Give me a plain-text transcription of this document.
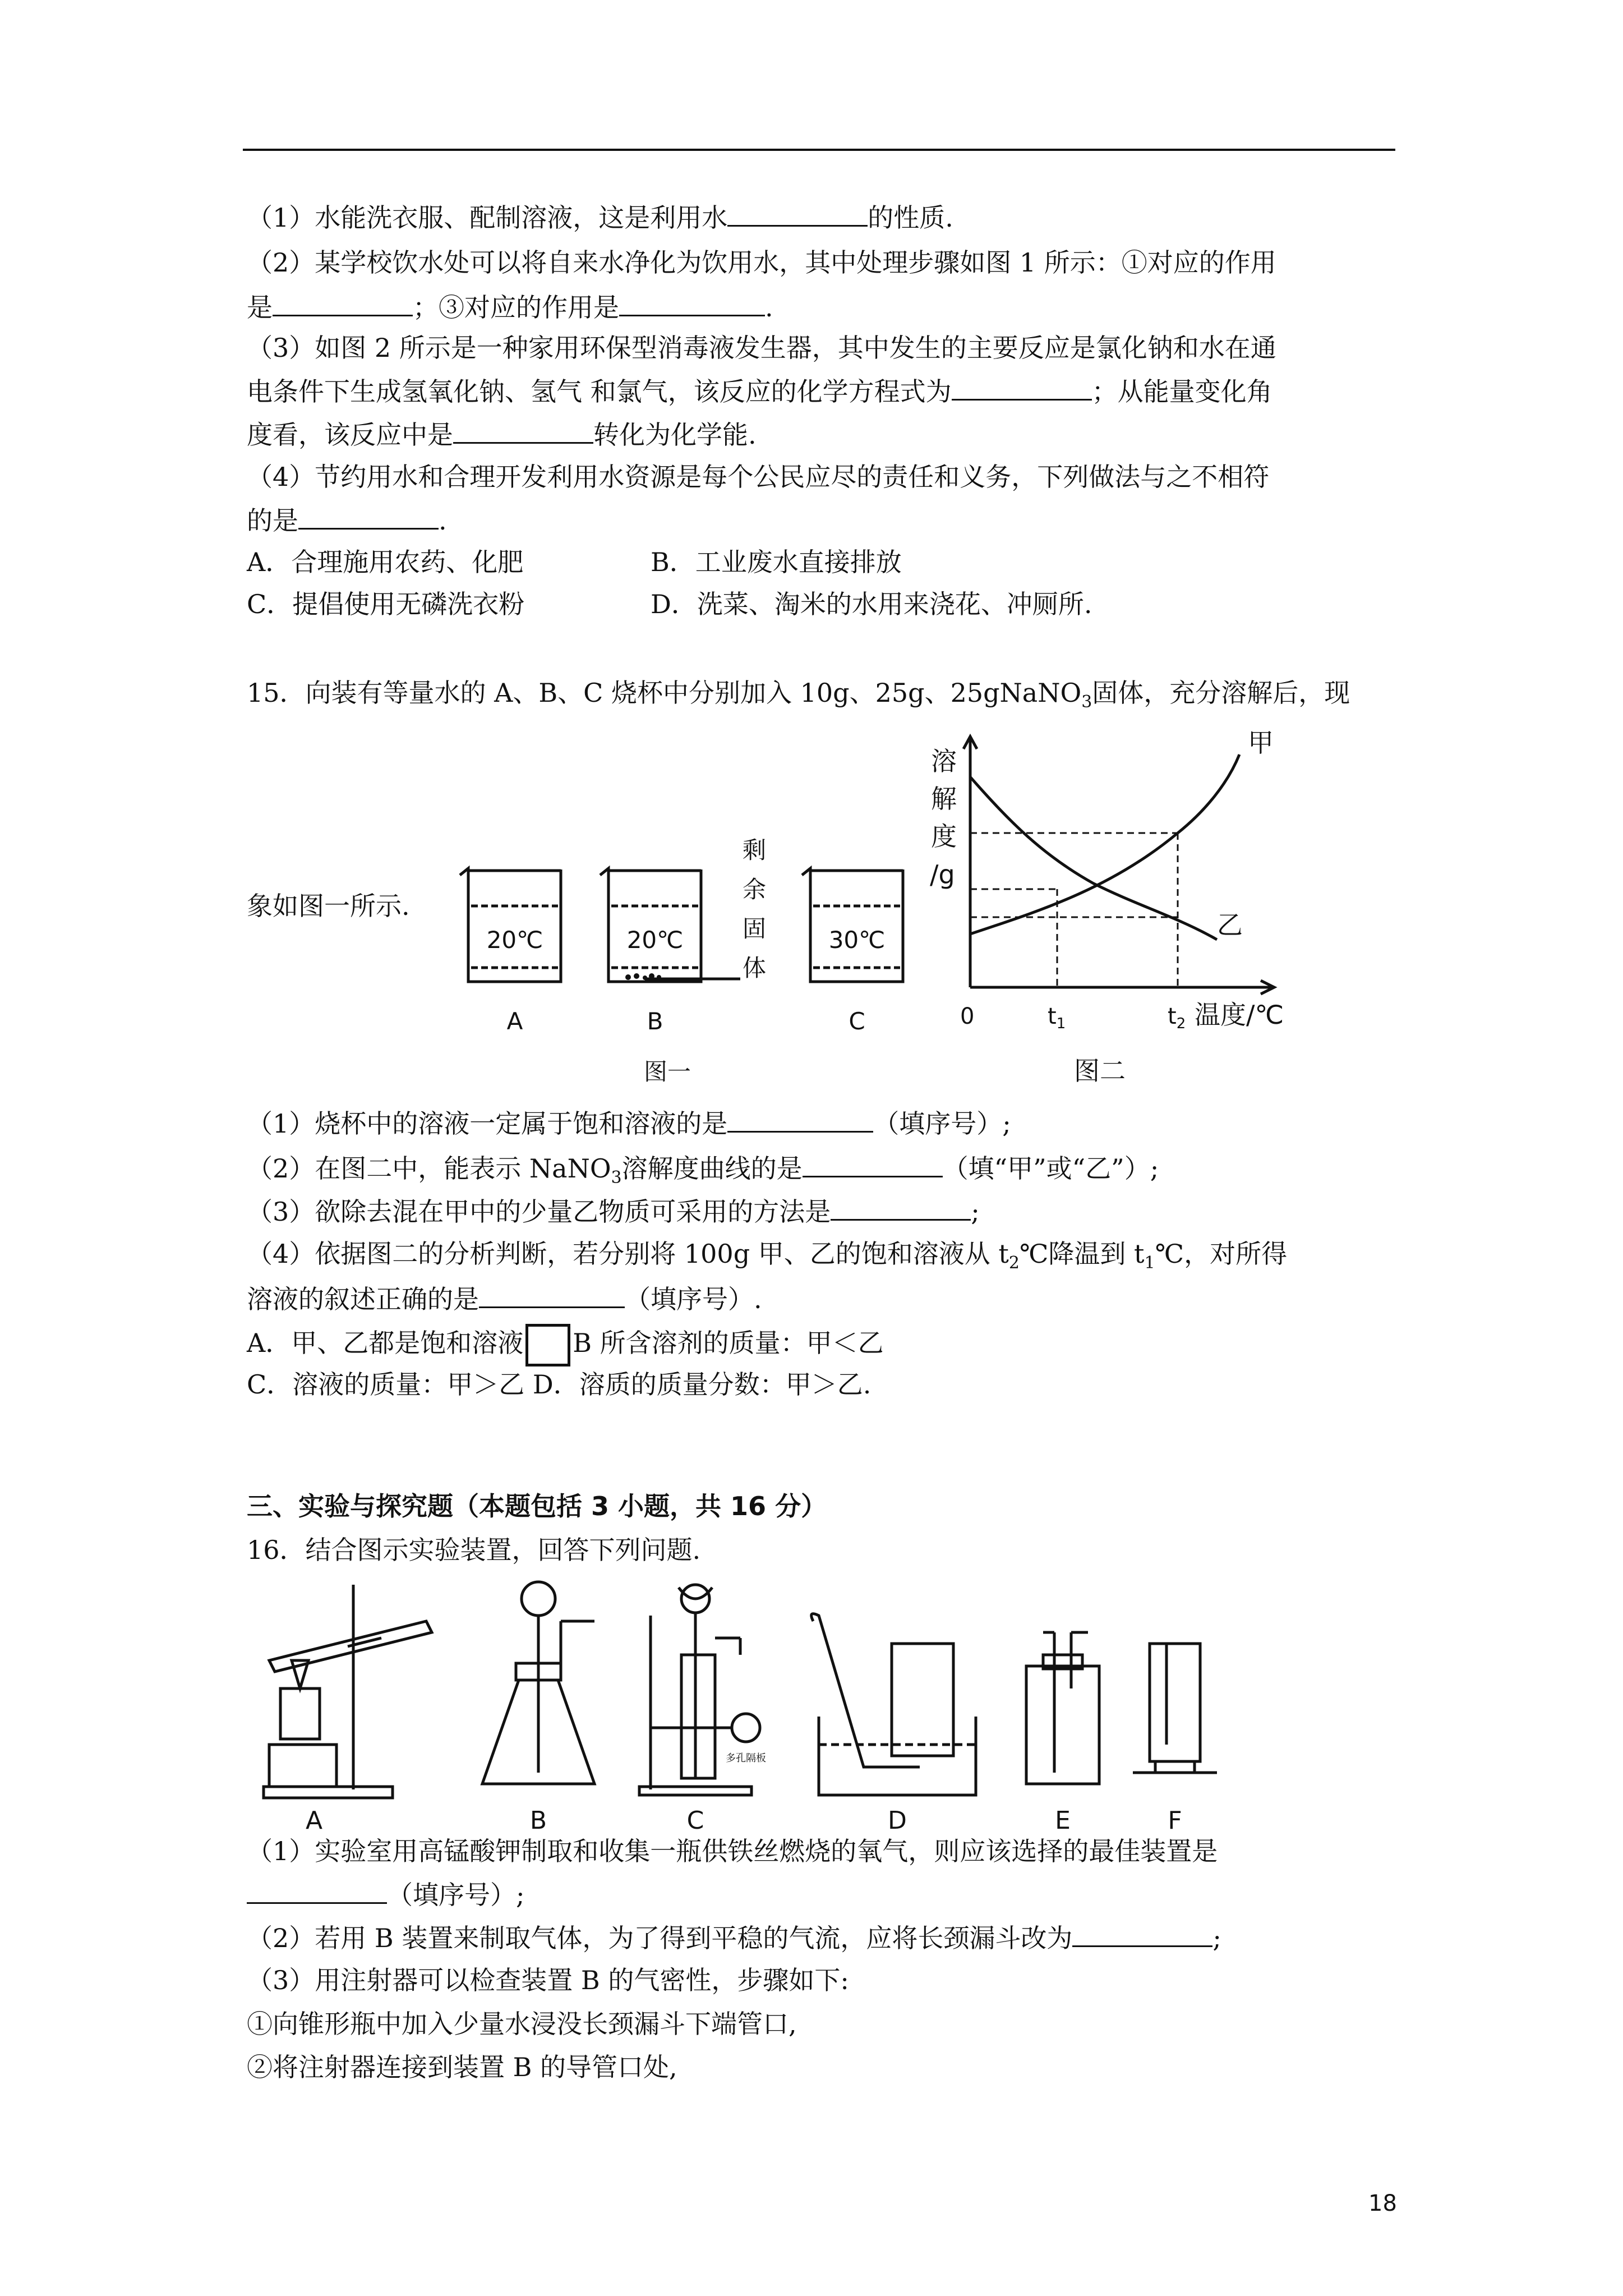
（1）水能洗衣服、配制溶液，这是利用水	的性质.
（2）某学校饮水处可以将自来水净化为饮用水，其中处理步骤如图 1 所示：①对应的作用
是	；③对应的作用是	.
（3）如图 2 所示是一种家用环保型消毒液发生器，其中发生的主要反应是氯化钠和水在通
电条件下生成氢氧化钠、氢气 和氯气，该反应的化学方程式为	；从能量变化角
度看，该反应中是	转化为化学能.
（4）节约用水和合理开发利用水资源是每个公民应尽的责任和义务，下列做法与之不相符
的是	.
A．合理施用农药、化肥	B．工业废水直接排放
C．提倡使用无磷洗衣粉	D．洗菜、淘米的水用来浇花、冲厕所.
15．向装有等量水的 A、B、C 烧杯中分别加入 10g、25g、25gNaNO$_3$固体，充分溶解后，现
象如图一所示.
20℃	20℃	30℃
A	B	C
剩
余
固
体
图一
溶
解
度
/g
甲
乙
0	$t_1$	$t_2$ 温度/℃
图二
（1）烧杯中的溶液一定属于饱和溶液的是	（填序号）;
（2）在图二中，能表示 NaNO$_3$溶解度曲线的是	（填“甲”或“乙”）;
（3）欲除去混在甲中的少量乙物质可采用的方法是	;
（4）依据图二的分析判断，若分别将 100g 甲、乙的饱和溶液从 $t_2℃$降温到 $t_1℃$，对所得
溶液的叙述正确的是	（填序号）.
A．甲、乙都是饱和溶液 B 所含溶剂的质量：甲＜乙
C．溶液的质量：甲＞乙 D．溶质的质量分数：甲＞乙.
三、实验与探究题（本题包括 3 小题，共 16 分）
16．结合图示实验装置，回答下列问题.
A	B	C	D	E	F
多孔隔板
（1）实验室用高锰酸钾制取和收集一瓶供铁丝燃烧的氧气，则应该选择的最佳装置是
（填序号）;
（2）若用 B 装置来制取气体，为了得到平稳的气流，应将长颈漏斗改为	;
（3）用注射器可以检查装置 B 的气密性，步骤如下:
①向锥形瓶中加入少量水浸没长颈漏斗下端管口,
②将注射器连接到装置 B 的导管口处,
18
